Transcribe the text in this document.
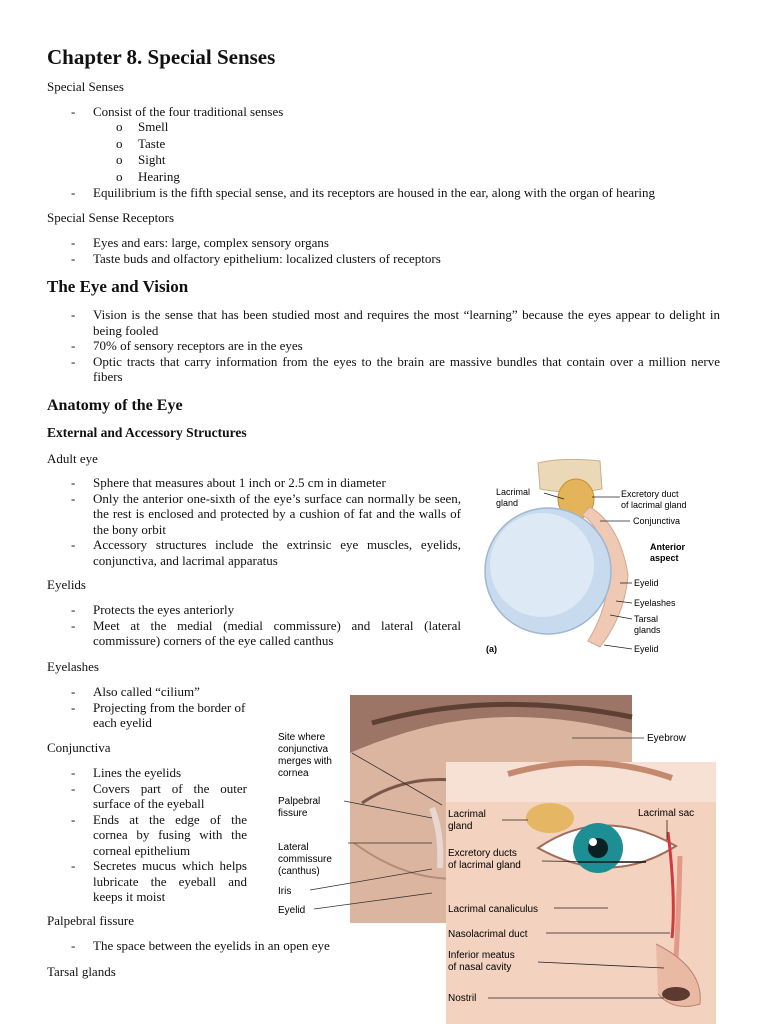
Chapter 8. Special Senses
Special Senses
- Consist of the four traditional senses
o Smell
o Taste
o Sight
o Hearing
- Equilibrium is the fifth special sense, and its receptors are housed in the ear, along with the organ of hearing
Special Sense Receptors
- Eyes and ears: large, complex sensory organs
- Taste buds and olfactory epithelium: localized clusters of receptors
The Eye and Vision
- Vision is the sense that has been studied most and requires the most “learning” because the eyes appear to delight in being fooled
- 70% of sensory receptors are in the eyes
- Optic tracts that carry information from the eyes to the brain are massive bundles that contain over a million nerve fibers
Anatomy of the Eye
External and Accessory Structures
Adult eye
- Sphere that measures about 1 inch or 2.5 cm in diameter
- Only the anterior one-sixth of the eye’s surface can normally be seen, the rest is enclosed and protected by a cushion of fat and the walls of the bony orbit
- Accessory structures include the extrinsic eye muscles, eyelids, conjunctiva, and lacrimal apparatus
Eyelids
- Protects the eyes anteriorly
- Meet at the medial (medial commissure) and lateral (lateral commissure) corners of the eye called canthus
Eyelashes
- Also called “cilium”
- Projecting from the border of each eyelid
Conjunctiva
- Lines the eyelids
- Covers part of the outer surface of the eyeball
- Ends at the edge of the cornea by fusing with the corneal epithelium
- Secretes mucus which helps lubricate the eyeball and keeps it moist
Palpebral fissure
- The space between the eyelids in an open eye
Tarsal glands
Lacrimal
gland
Excretory duct
of lacrimal gland
Conjunctiva
Anterior
aspect
Eyelid
Eyelashes
Tarsal
glands
Eyelid
(a)
Site where
conjunctiva
merges with
cornea
Palpebral
fissure
Lateral
commissure
(canthus)
Iris
Eyelid
Eyebrow
Lacrimal
gland
Excretory ducts
of lacrimal gland
Lacrimal sac
Lacrimal canaliculus
Nasolacrimal duct
Inferior meatus
of nasal cavity
Nostril
